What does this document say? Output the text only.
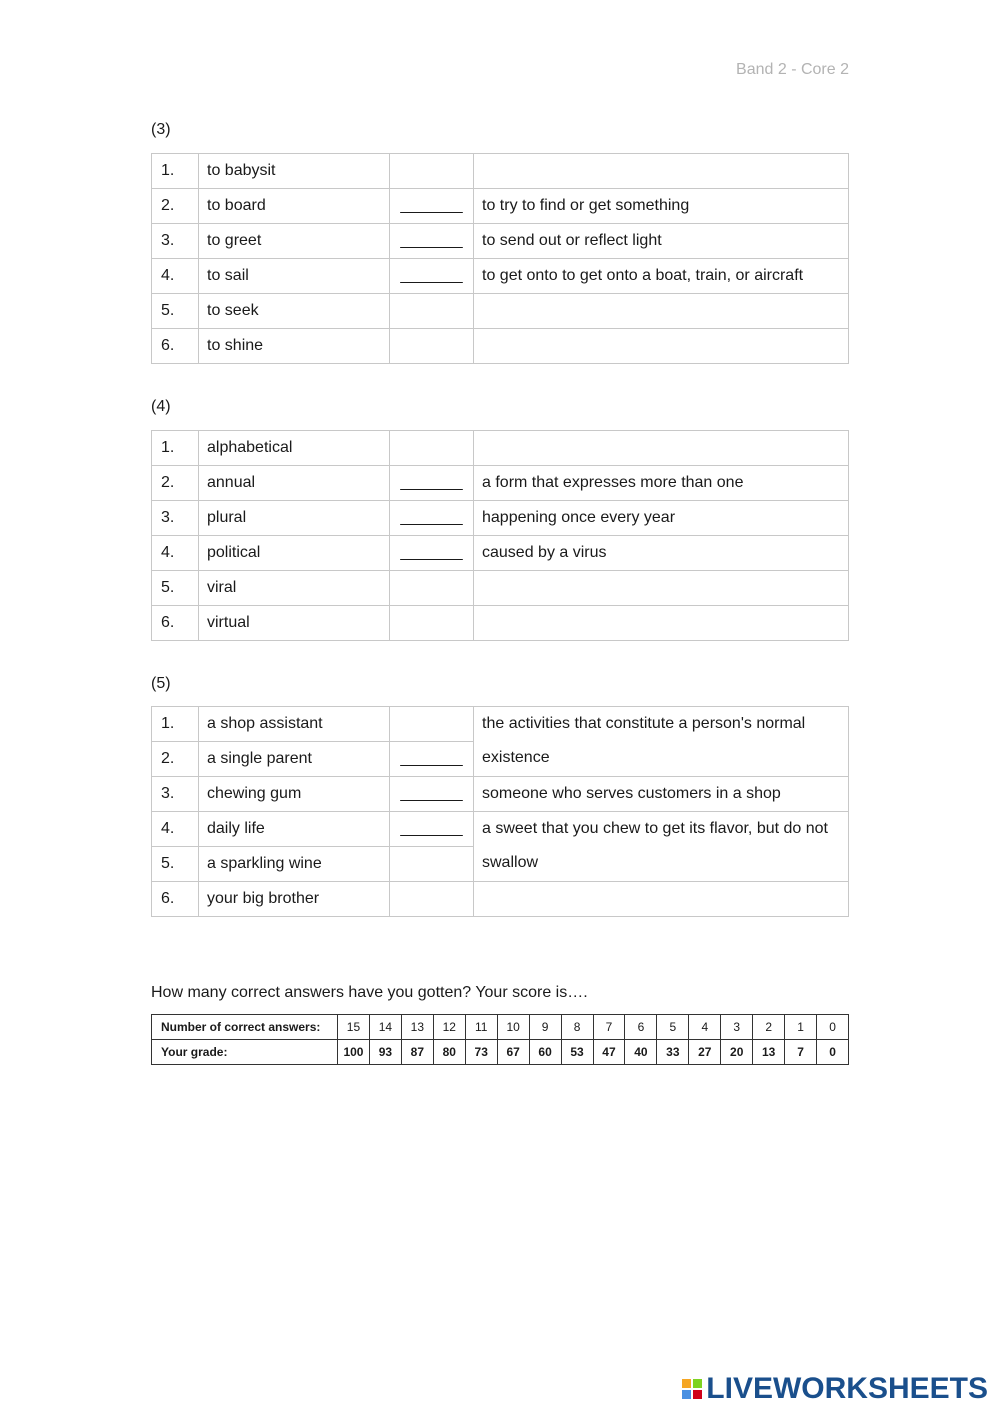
Band 2 - Core 2
(3)
1.	to babysit		
2.	to board	_______	to try to find or get something
3.	to greet	_______	to send out or reflect light
4.	to sail	_______	to get onto to get onto a boat, train, or aircraft
5.	to seek		
6.	to shine		
(4)
1.	alphabetical		
2.	annual	_______	a form that expresses more than one
3.	plural	_______	happening once every year
4.	political	_______	caused by a virus
5.	viral		
6.	virtual		
(5)
1.	a shop assistant		the activities that constitute a person's normal existence
2.	a single parent	_______	
3.	chewing gum	_______	someone who serves customers in a shop
4.	daily life	_______	a sweet that you chew to get its flavor, but do not swallow
5.	a sparkling wine		
6.	your big brother		
How many correct answers have you gotten? Your score is….
Number of correct answers:	15	14	13	12	11	10	9	8	7	6	5	4	3	2	1	0
Your grade:	100	93	87	80	73	67	60	53	47	40	33	27	20	13	7	0
LIVEWORKSHEETS
